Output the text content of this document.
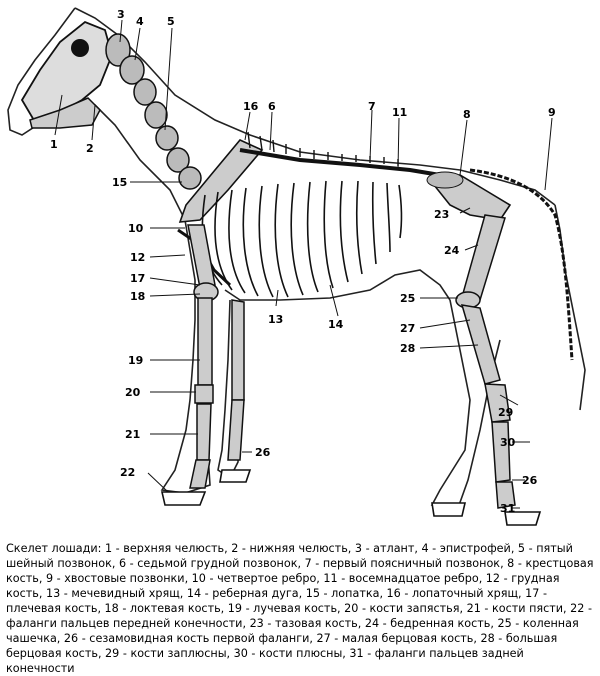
1	2
3
4 5
6	7
8	9
10
11
12
13	14
15
16
17
18
19
20
21
22
23
24
25
26
26
27
28
29
30
31
Скелет лошади: 1 - верхняя челюсть, 2 - нижняя челюсть, 3 - атлант, 4 - эпистрофей, 5 - пятый шейный позвонок, 6 - седьмой грудной позвонок, 7 - первый поясничный позвонок, 8 - крестцовая кость, 9 - хвостовые позвонки, 10 - четвертое ребро, 11 - восемнадцатое ребро, 12 - грудная кость, 13 - мечевидный хрящ, 14 - реберная дуга, 15 - лопатка, 16 - лопаточный хрящ, 17 - плечевая кость, 18 - локтевая кость, 19 - лучевая кость, 20 - кости запястья, 21 - кости пясти, 22 - фаланги пальцев передней конечности, 23 - тазовая кость, 24 - бедренная кость, 25 - коленная чашечка, 26 - сезамовидная кость первой фаланги, 27 - малая берцовая кость, 28 - большая берцовая кость, 29 - кости заплюсны, 30 - кости плюсны, 31 - фаланги пальцев задней конечности
